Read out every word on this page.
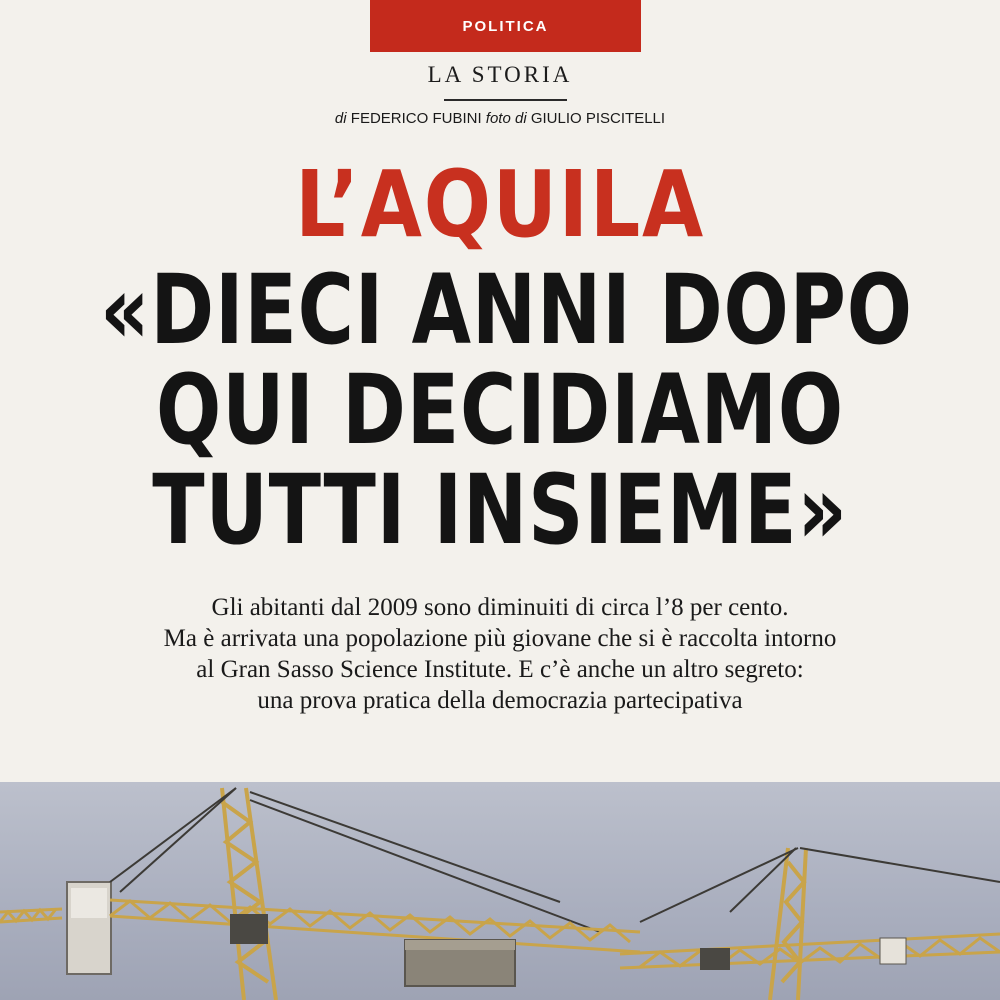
POLITICA
LA STORIA
di FEDERICO FUBINI foto di GIULIO PISCITELLI
L’AQUILA
«DIECI ANNI DOPO
QUI DECIDIAMO
TUTTI INSIEME»
Gli abitanti dal 2009 sono diminuiti di circa l’8 per cento.
Ma è arrivata una popolazione più giovane che si è raccolta intorno
al Gran Sasso Science Institute. E c’è anche un altro segreto:
una prova pratica della democrazia partecipativa
